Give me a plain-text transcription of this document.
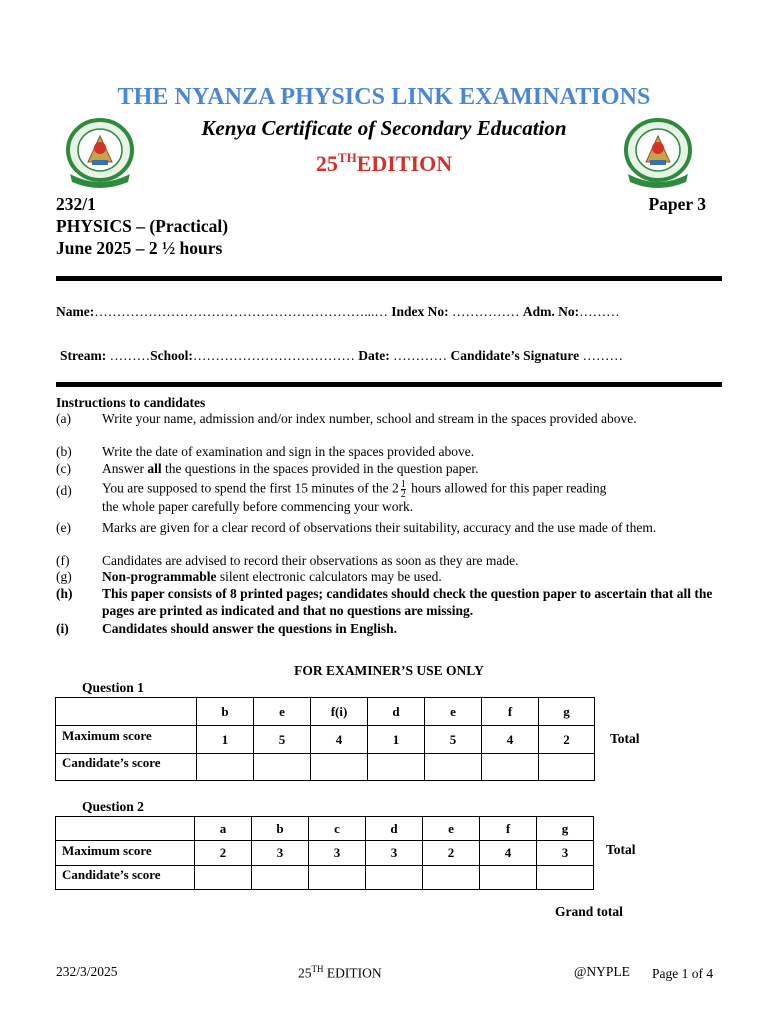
THE NYANZA PHYSICS LINK EXAMINATIONS
Kenya Certificate of Secondary Education
25THEDITION
232/1	Paper 3
PHYSICS – (Practical)
June 2025 – 2 ½ hours
Name:……………………………………………………...… Index No: …………… Adm. No:………
Stream: ………School:……………………………… Date: ………… Candidate’s Signature ………
Instructions to candidates
(a) Write your name, admission and/or index number, school and stream in the spaces provided above.
(b) Write the date of examination and sign in the spaces provided above.
(c) Answer all the questions in the spaces provided in the question paper.
(d) You are supposed to spend the first 15 minutes of the $2 \frac{1}{2}$ hours allowed for this paper reading
the whole paper carefully before commencing your work.
(e) Marks are given for a clear record of observations their suitability, accuracy and the use made of them.
(f) Candidates are advised to record their observations as soon as they are made.
(g) Non-programmable silent electronic calculators may be used.
(h) This paper consists of 8 printed pages; candidates should check the question paper to ascertain that all the pages are printed as indicated and that no questions are missing.
(i) Candidates should answer the questions in English.
FOR EXAMINER’S USE ONLY
Question 1
	b	e	f(i)	d	e	f	g
Maximum score	1	5	4	1	5	4	2
Candidate’s score							
Total
Question 2
	a	b	c	d	e	f	g
Maximum score	2	3	3	3	2	4	3
Candidate’s score							
Total
Grand total
232/3/2025	25TH EDITION	@NYPLE Page 1 of 4
